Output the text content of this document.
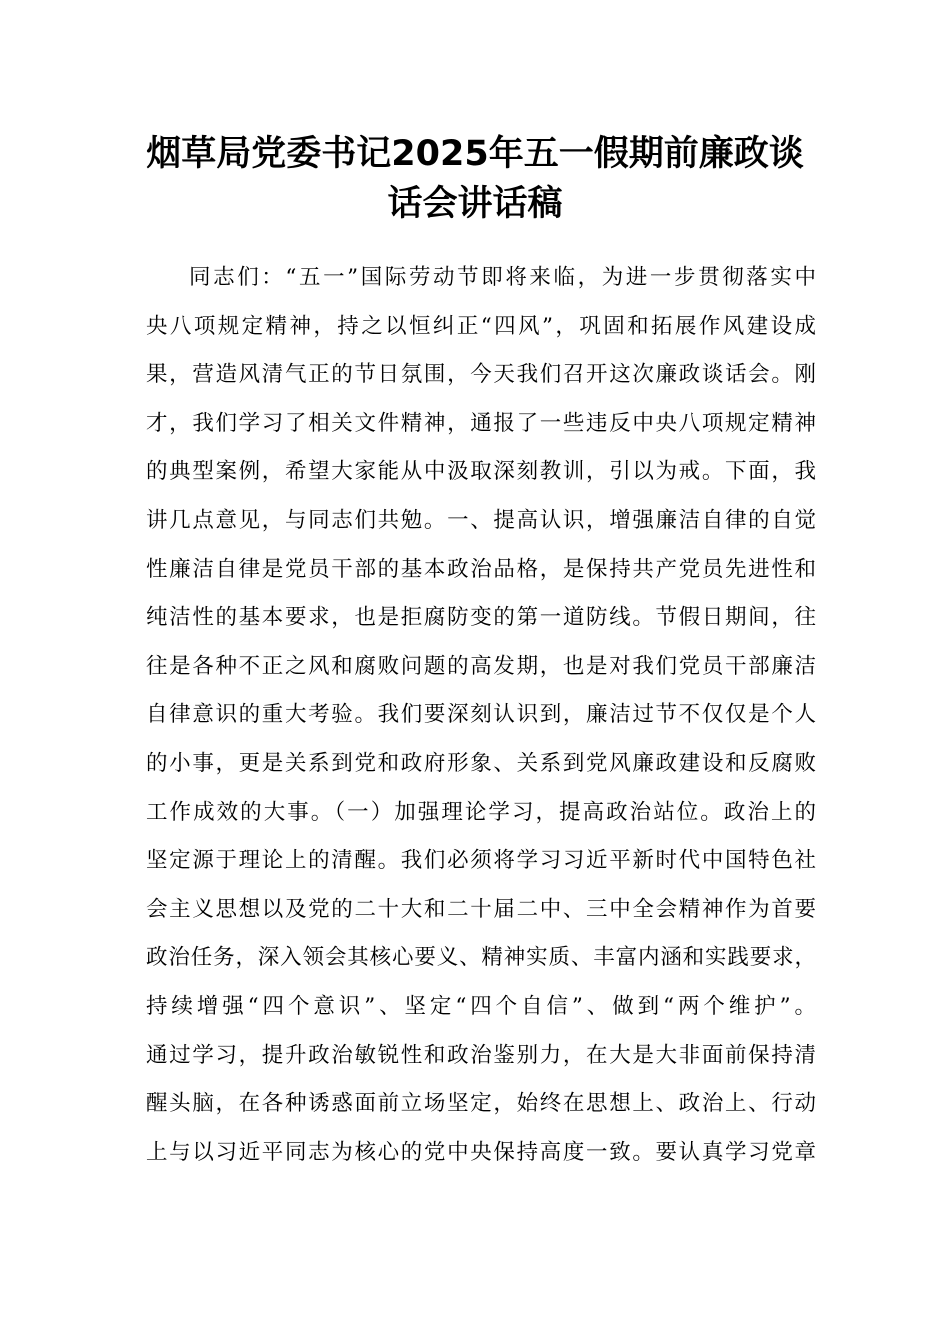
烟草局党委书记2025年五一假期前廉政谈
话会讲话稿
同志们：“五一”国际劳动节即将来临，为进一步贯彻落实中
央八项规定精神，持之以恒纠正“四风”，巩固和拓展作风建设成
果，营造风清气正的节日氛围，今天我们召开这次廉政谈话会。刚
才，我们学习了相关文件精神，通报了一些违反中央八项规定精神
的典型案例，希望大家能从中汲取深刻教训，引以为戒。下面，我
讲几点意见，与同志们共勉。一、提高认识，增强廉洁自律的自觉
性廉洁自律是党员干部的基本政治品格，是保持共产党员先进性和
纯洁性的基本要求，也是拒腐防变的第一道防线。节假日期间，往
往是各种不正之风和腐败问题的高发期，也是对我们党员干部廉洁
自律意识的重大考验。我们要深刻认识到，廉洁过节不仅仅是个人
的小事，更是关系到党和政府形象、关系到党风廉政建设和反腐败
工作成效的大事。（一）加强理论学习，提高政治站位。政治上的
坚定源于理论上的清醒。我们必须将学习习近平新时代中国特色社
会主义思想以及党的二十大和二十届二中、三中全会精神作为首要
政治任务，深入领会其核心要义、精神实质、丰富内涵和实践要求，
持续增强“四个意识”、坚定“四个自信”、做到“两个维护”。
通过学习，提升政治敏锐性和政治鉴别力，在大是大非面前保持清
醒头脑，在各种诱惑面前立场坚定，始终在思想上、政治上、行动
上与以习近平同志为核心的党中央保持高度一致。要认真学习党章
